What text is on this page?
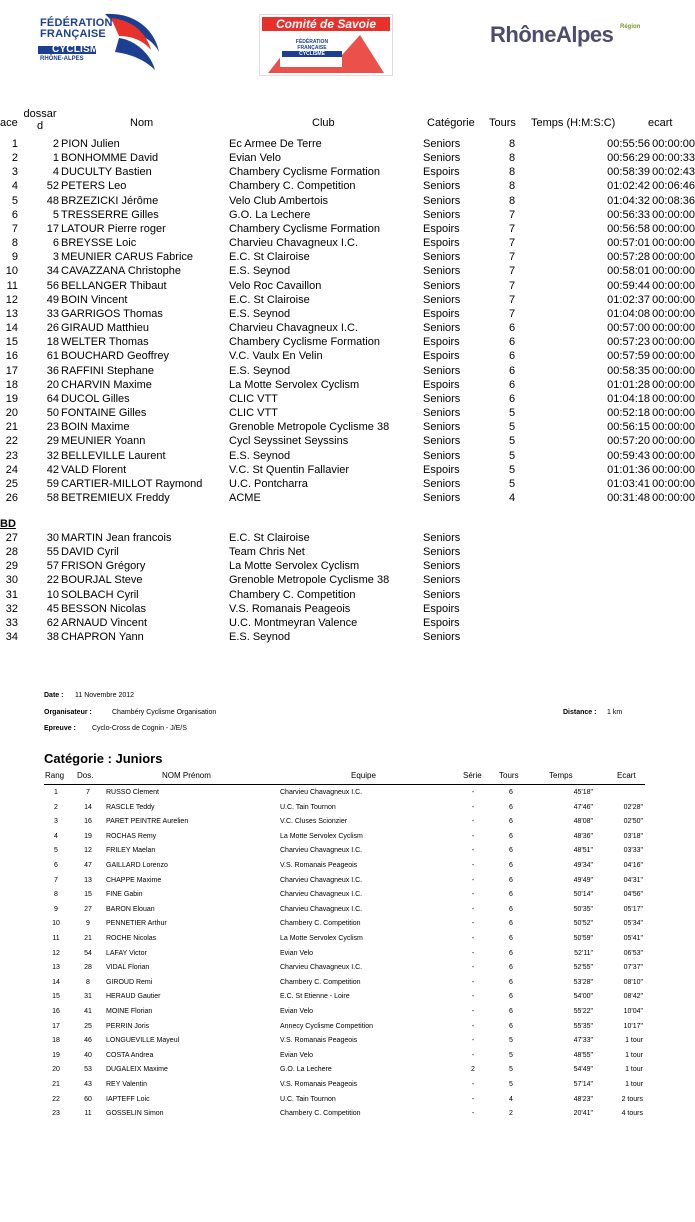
FÉDÉRATION
FRANÇAISE
CYCLISME
RHÔNE-ALPES
Comité de Savoie
FÉDÉRATION
FRANÇAISE
CYCLISME
RhôneAlpes Région
ace
dossar
d	Nom	Club	Catégorie Tours Temps (H:M:S:C)	ecart
1	2 PION Julien	Ec Armee De Terre	Seniors	8	00:55:56 00:00:00
2	1 BONHOMME David	Evian Velo	Seniors	8	00:56:29 00:00:33
3	4 DUCULTY Bastien	Chambery Cyclisme Formation	Espoirs	8	00:58:39 00:02:43
4	52 PETERS Leo	Chambery C. Competition	Seniors	8	01:02:42 00:06:46
5	48 BRZEZICKI Jérôme	Velo Club Ambertois	Seniors	8	01:04:32 00:08:36
6	5 TRESSERRE Gilles	G.O. La Lechere	Seniors	7	00:56:33 00:00:00
7	17 LATOUR Pierre roger	Chambery Cyclisme Formation	Espoirs	7	00:56:58 00:00:00
8	6 BREYSSE Loic	Charvieu Chavagneux I.C.	Espoirs	7	00:57:01 00:00:00
9	3 MEUNIER CARUS Fabrice	E.C. St Clairoise	Seniors	7	00:57:28 00:00:00
10	34 CAVAZZANA Christophe	E.S. Seynod	Seniors	7	00:58:01 00:00:00
11	56 BELLANGER Thibaut	Velo Roc Cavaillon	Seniors	7	00:59:44 00:00:00
12	49 BOIN Vincent	E.C. St Clairoise	Seniors	7	01:02:37 00:00:00
13	33 GARRIGOS Thomas	E.S. Seynod	Espoirs	7	01:04:08 00:00:00
14	26 GIRAUD Matthieu	Charvieu Chavagneux I.C.	Seniors	6	00:57:00 00:00:00
15	18 WELTER Thomas	Chambery Cyclisme Formation	Espoirs	6	00:57:23 00:00:00
16	61 BOUCHARD Geoffrey	V.C. Vaulx En Velin	Espoirs	6	00:57:59 00:00:00
17	36 RAFFINI Stephane	E.S. Seynod	Seniors	6	00:58:35 00:00:00
18	20 CHARVIN Maxime	La Motte Servolex Cyclism	Espoirs	6	01:01:28 00:00:00
19	64 DUCOL Gilles	CLIC VTT	Seniors	6	01:04:18 00:00:00
20	50 FONTAINE Gilles	CLIC VTT	Seniors	5	00:52:18 00:00:00
21	23 BOIN Maxime	Grenoble Metropole Cyclisme 38	Seniors	5	00:56:15 00:00:00
22	29 MEUNIER Yoann	Cycl Seyssinet Seyssins	Seniors	5	00:57:20 00:00:00
23	32 BELLEVILLE Laurent	E.S. Seynod	Seniors	5	00:59:43 00:00:00
24	42 VALD Florent	V.C. St Quentin Fallavier	Espoirs	5	01:01:36 00:00:00
25	59 CARTIER-MILLOT Raymond U.C. Pontcharra	Seniors	5	01:03:41 00:00:00
26	58 BETREMIEUX Freddy	ACME	Seniors	4	00:31:48 00:00:00
BD
27	30 MARTIN Jean francois	E.C. St Clairoise	Seniors
28	55 DAVID Cyril	Team Chris Net	Seniors
29	57 FRISON Grégory	La Motte Servolex Cyclism	Seniors
30	22 BOURJAL Steve	Grenoble Metropole Cyclisme 38	Seniors
31	10 SOLBACH Cyril	Chambery C. Competition	Seniors
32	45 BESSON Nicolas	V.S. Romanais Peageois	Espoirs
33	62 ARNAUD Vincent	U.C. Montmeyran Valence	Espoirs
34	38 CHAPRON Yann	E.S. Seynod	Seniors
Date : 11 Novembre 2012
Organisateur :	Chambéry Cyclisme Organisation
Epreuve : Cyclo-Cross de Cognin - J/E/S
Distance : 1 km
Catégorie : Juniors
Rang Dos.	NOM Prénom	Equipe	Série Tours	Temps	Ecart
1	7	RUSSO Clement	Charvieu Chavagneux I.C.	-	6	45'18"
2	14	RASCLE Teddy	U.C. Tain Tournon	-	6	47'46"	02'28"
3	16	PARET PEINTRE Aurelien	V.C. Cluses Scionzier	-	6	48'08"	02'50"
4	19	ROCHAS Remy	La Motte Servolex Cyclism	-	6	48'36"	03'18"
5	12	FRILEY Maelan	Charvieu Chavagneux I.C.	-	6	48'51"	03'33"
6	47	GAILLARD Lorenzo	V.S. Romanais Peageois	-	6	49'34"	04'16"
7	13	CHAPPE Maxime	Charvieu Chavagneux I.C.	-	6	49'49"	04'31"
8	15	FINE Gabin	Charvieu Chavagneux I.C.	-	6	50'14"	04'56"
9	27	BARON Elouan	Charvieu Chavagneux I.C.	-	6	50'35"	05'17"
10	9	PENNETIER Arthur	Chambery C. Competition	-	6	50'52"	05'34"
11	21	ROCHE Nicolas	La Motte Servolex Cyclism	-	6	50'59"	05'41"
12	54	LAFAY Victor	Evian Velo	-	6	52'11"	06'53"
13	28	VIDAL Florian	Charvieu Chavagneux I.C.	-	6	52'55"	07'37"
14	8	GIROUD Remi	Chambery C. Competition	-	6	53'28"	08'10"
15	31	HERAUD Gautier	E.C. St Etienne - Loire	-	6	54'00"	08'42"
16	41	MOINE Florian	Evian Velo	-	6	55'22"	10'04"
17	25	PERRIN Joris	Annecy Cyclisme Competition	-	6	55'35"	10'17"
18	46	LONGUEVILLE Mayeul	V.S. Romanais Peageois	-	5	47'33"	1 tour
19	40	COSTA Andrea	Evian Velo	-	5	48'55"	1 tour
20	53	DUGALEIX Maxime	G.O. La Lechere	2	5	54'49"	1 tour
21	43	REY Valentin	V.S. Romanais Peageois	-	5	57'14"	1 tour
22	60	IAPTEFF Loic	U.C. Tain Tournon	-	4	48'23"	2 tours
23	11	GOSSELIN Simon	Chambery C. Competition	-	2	20'41"	4 tours
